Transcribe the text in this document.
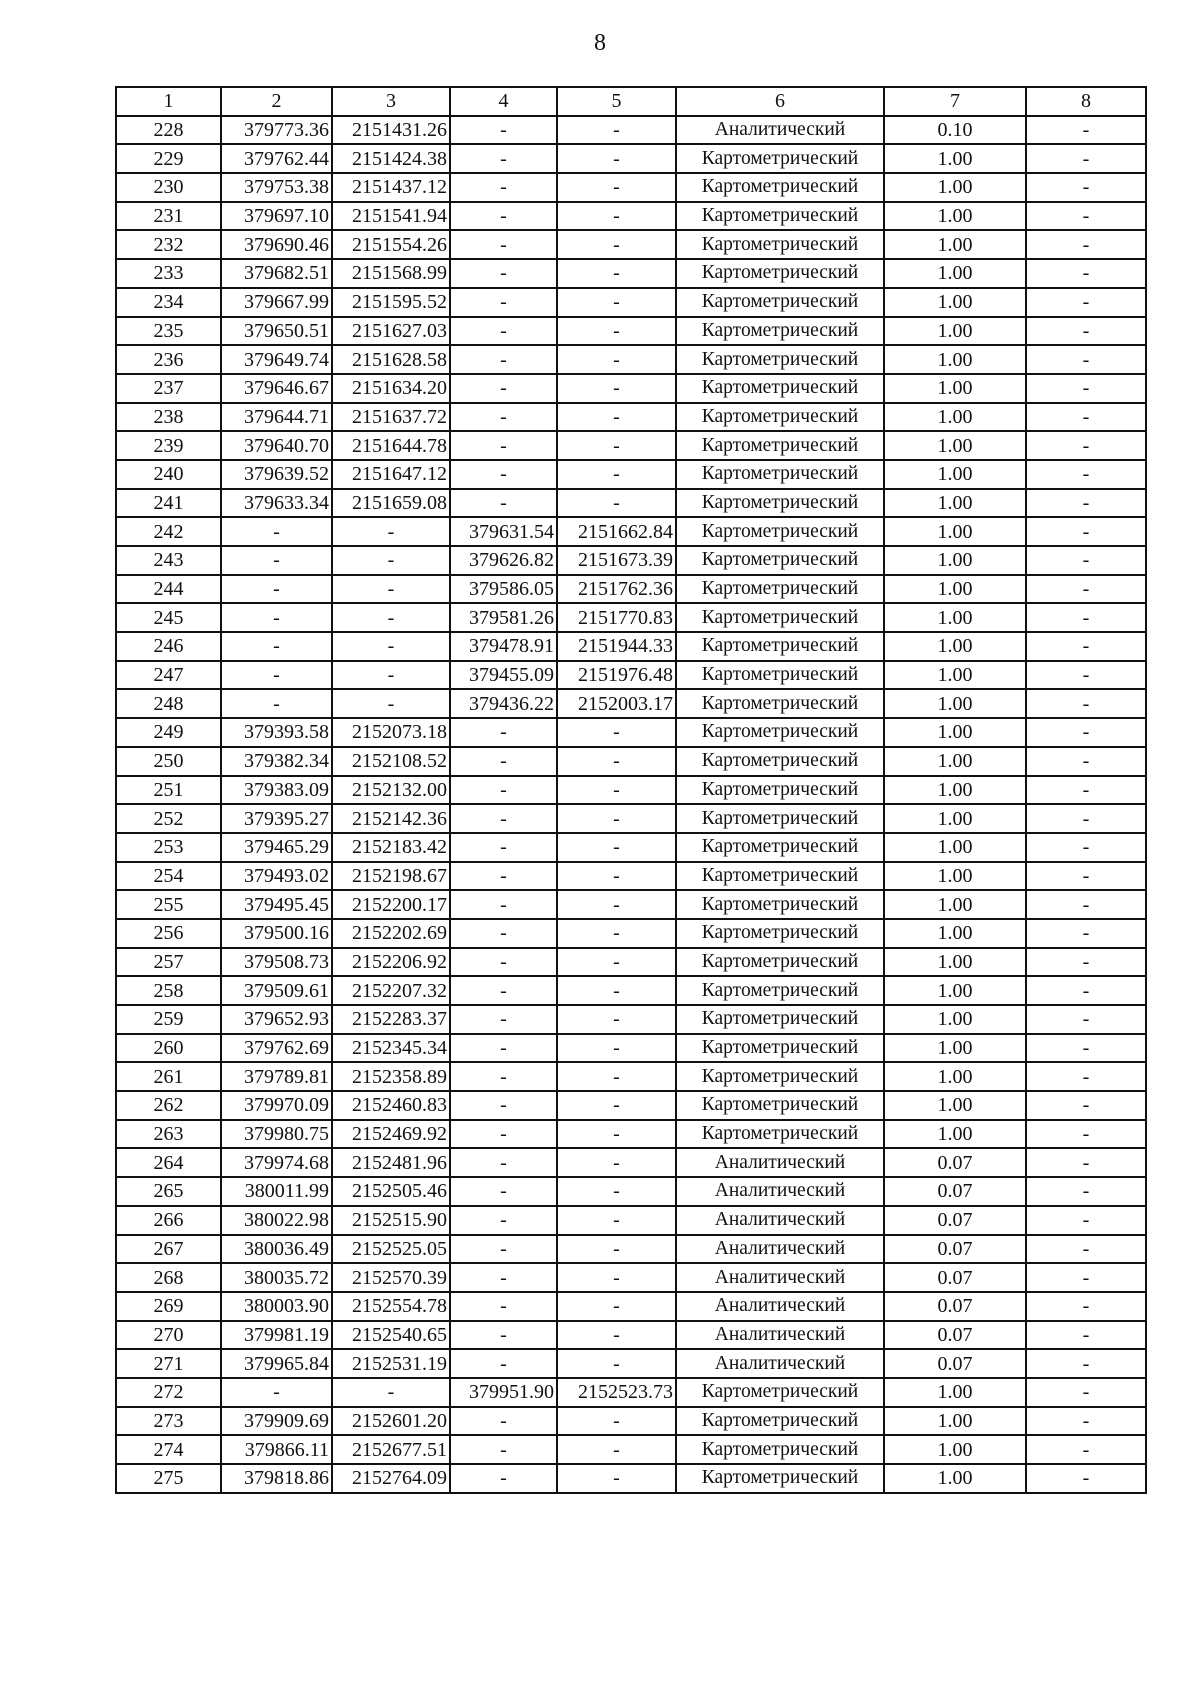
8
1	2	3	4	5	6	7	8
228	379773.36	2151431.26	-	-	Аналитический	0.10	-
229	379762.44	2151424.38	-	-	Картометрический	1.00	-
230	379753.38	2151437.12	-	-	Картометрический	1.00	-
231	379697.10	2151541.94	-	-	Картометрический	1.00	-
232	379690.46	2151554.26	-	-	Картометрический	1.00	-
233	379682.51	2151568.99	-	-	Картометрический	1.00	-
234	379667.99	2151595.52	-	-	Картометрический	1.00	-
235	379650.51	2151627.03	-	-	Картометрический	1.00	-
236	379649.74	2151628.58	-	-	Картометрический	1.00	-
237	379646.67	2151634.20	-	-	Картометрический	1.00	-
238	379644.71	2151637.72	-	-	Картометрический	1.00	-
239	379640.70	2151644.78	-	-	Картометрический	1.00	-
240	379639.52	2151647.12	-	-	Картометрический	1.00	-
241	379633.34	2151659.08	-	-	Картометрический	1.00	-
242	-	-	379631.54	2151662.84	Картометрический	1.00	-
243	-	-	379626.82	2151673.39	Картометрический	1.00	-
244	-	-	379586.05	2151762.36	Картометрический	1.00	-
245	-	-	379581.26	2151770.83	Картометрический	1.00	-
246	-	-	379478.91	2151944.33	Картометрический	1.00	-
247	-	-	379455.09	2151976.48	Картометрический	1.00	-
248	-	-	379436.22	2152003.17	Картометрический	1.00	-
249	379393.58	2152073.18	-	-	Картометрический	1.00	-
250	379382.34	2152108.52	-	-	Картометрический	1.00	-
251	379383.09	2152132.00	-	-	Картометрический	1.00	-
252	379395.27	2152142.36	-	-	Картометрический	1.00	-
253	379465.29	2152183.42	-	-	Картометрический	1.00	-
254	379493.02	2152198.67	-	-	Картометрический	1.00	-
255	379495.45	2152200.17	-	-	Картометрический	1.00	-
256	379500.16	2152202.69	-	-	Картометрический	1.00	-
257	379508.73	2152206.92	-	-	Картометрический	1.00	-
258	379509.61	2152207.32	-	-	Картометрический	1.00	-
259	379652.93	2152283.37	-	-	Картометрический	1.00	-
260	379762.69	2152345.34	-	-	Картометрический	1.00	-
261	379789.81	2152358.89	-	-	Картометрический	1.00	-
262	379970.09	2152460.83	-	-	Картометрический	1.00	-
263	379980.75	2152469.92	-	-	Картометрический	1.00	-
264	379974.68	2152481.96	-	-	Аналитический	0.07	-
265	380011.99	2152505.46	-	-	Аналитический	0.07	-
266	380022.98	2152515.90	-	-	Аналитический	0.07	-
267	380036.49	2152525.05	-	-	Аналитический	0.07	-
268	380035.72	2152570.39	-	-	Аналитический	0.07	-
269	380003.90	2152554.78	-	-	Аналитический	0.07	-
270	379981.19	2152540.65	-	-	Аналитический	0.07	-
271	379965.84	2152531.19	-	-	Аналитический	0.07	-
272	-	-	379951.90	2152523.73	Картометрический	1.00	-
273	379909.69	2152601.20	-	-	Картометрический	1.00	-
274	379866.11	2152677.51	-	-	Картометрический	1.00	-
275	379818.86	2152764.09	-	-	Картометрический	1.00	-
